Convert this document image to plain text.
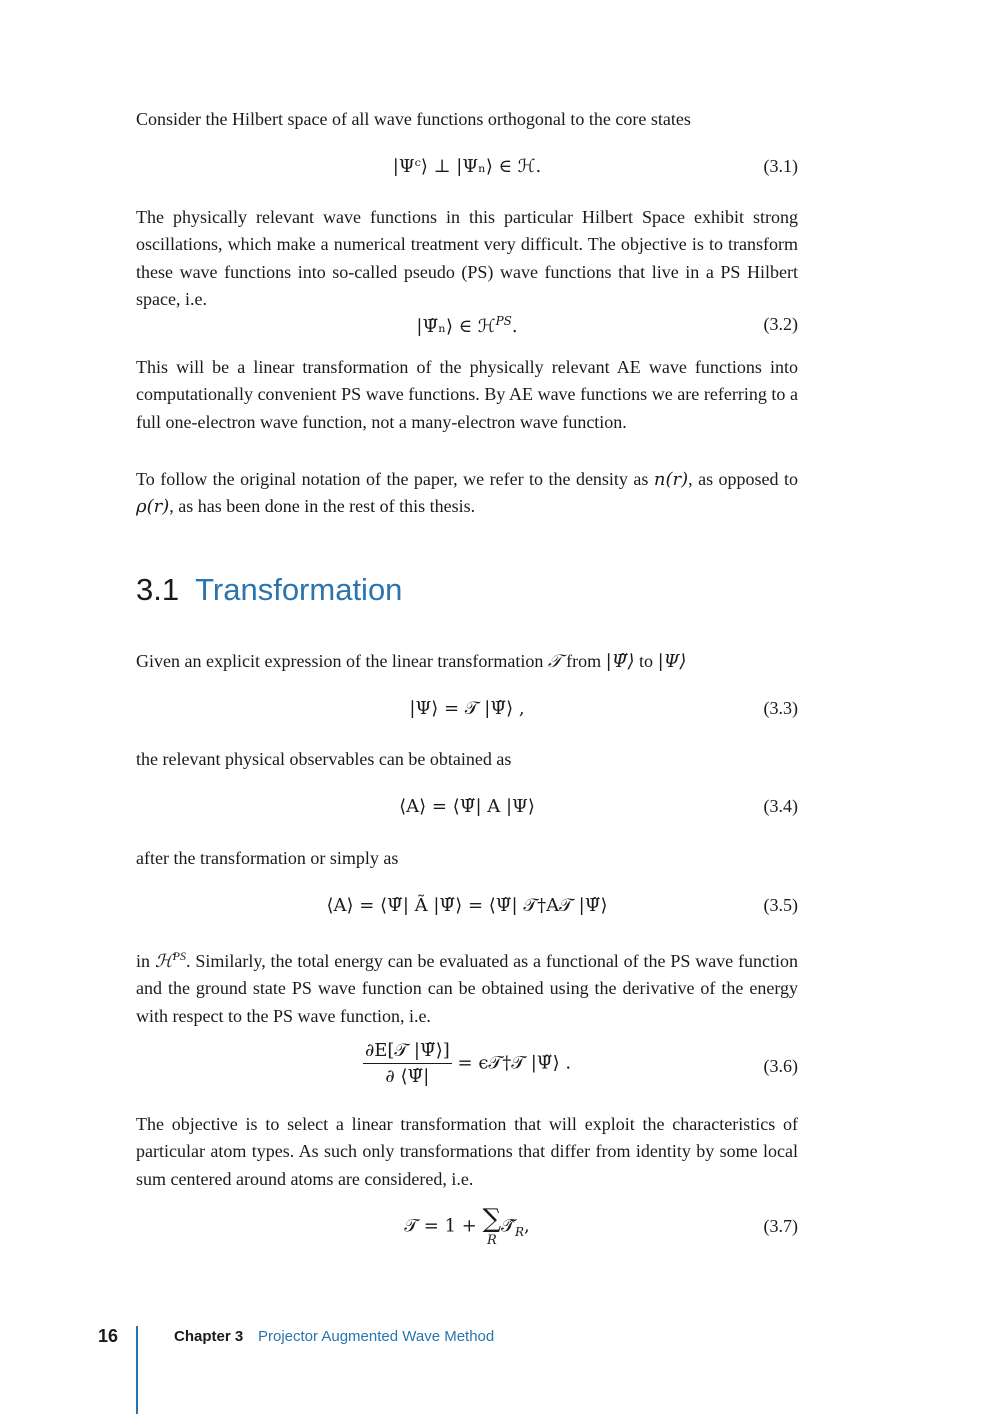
Consider the Hilbert space of all wave functions orthogonal to the core states
|Ψᶜ⟩ ⊥ |Ψₙ⟩ ∈ ℋ.	(3.1)
The physically relevant wave functions in this particular Hilbert Space exhibit strong oscillations, which make a numerical treatment very difficult. The objective is to transform these wave functions into so-called pseudo (PS) wave functions that live in a PS Hilbert space, i.e.
|Ψ̃ₙ⟩ ∈ ℋ$^{PS}$.	(3.2)
This will be a linear transformation of the physically relevant AE wave functions into computationally convenient PS wave functions. By AE wave functions we are referring to a full one-electron wave function, not a many-electron wave function.
To follow the original notation of the paper, we refer to the density as n(r), as opposed to ρ(r), as has been done in the rest of this thesis.
3.1 Transformation
Given an explicit expression of the linear transformation 𝒯 from |Ψ̃⟩ to |Ψ⟩
|Ψ⟩ = 𝒯 |Ψ̃⟩ ,	(3.3)
the relevant physical observables can be obtained as
⟨A⟩ = ⟨Ψ̃| A |Ψ⟩	(3.4)
after the transformation or simply as
⟨A⟩ = ⟨Ψ̃| Ã |Ψ̃⟩ = ⟨Ψ̃| 𝒯†A𝒯 |Ψ̃⟩	(3.5)
in ℋ$^{PS}$. Similarly, the total energy can be evaluated as a functional of the PS wave function and the ground state PS wave function can be obtained using the derivative of the energy with respect to the PS wave function, i.e.
$\frac{\text{∂E[𝒯 |Ψ̃⟩]}}{\partial ⟨\Psĩ|}$ = ϵ𝒯†𝒯 |Ψ̃⟩ .	(3.6)
The objective is to select a linear transformation that will exploit the characteristics of particular atom types. As such only transformations that differ from identity by some local sum centered around atoms are considered, i.e.
𝒯 = 1 + ∑
R
$𝒯̂_R$,	(3.7)
16	Chapter 3 Projector Augmented Wave Method
